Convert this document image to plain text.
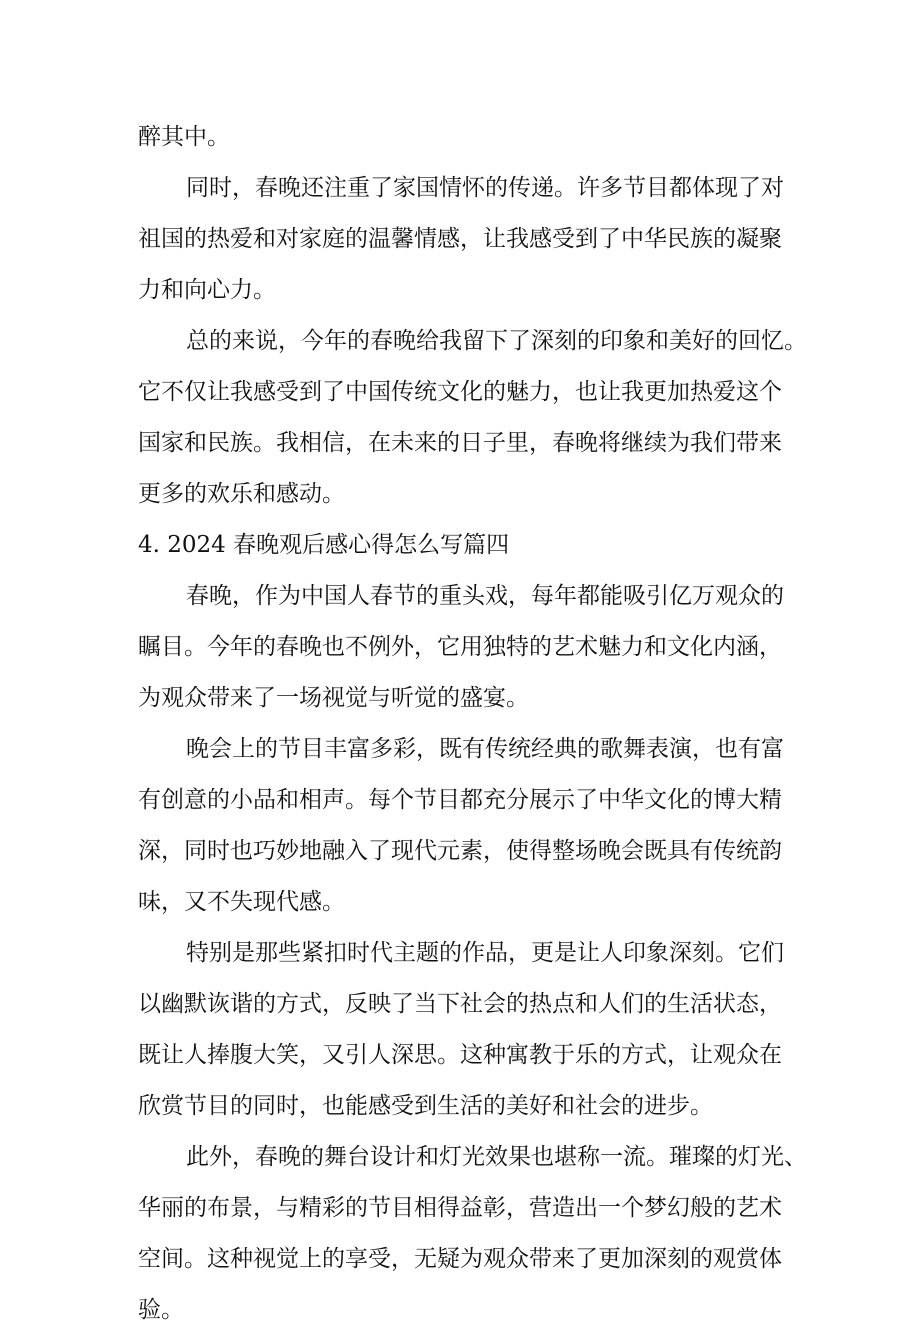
醉其中。
同时，春晚还注重了家国情怀的传递。许多节目都体现了对
祖国的热爱和对家庭的温馨情感，让我感受到了中华民族的凝聚
力和向心力。
总的来说，今年的春晚给我留下了深刻的印象和美好的回忆。
它不仅让我感受到了中国传统文化的魅力，也让我更加热爱这个
国家和民族。我相信，在未来的日子里，春晚将继续为我们带来
更多的欢乐和感动。
4. 2024 春晚观后感心得怎么写篇四
春晚，作为中国人春节的重头戏，每年都能吸引亿万观众的
瞩目。今年的春晚也不例外，它用独特的艺术魅力和文化内涵，
为观众带来了一场视觉与听觉的盛宴。
晚会上的节目丰富多彩，既有传统经典的歌舞表演，也有富
有创意的小品和相声。每个节目都充分展示了中华文化的博大精
深，同时也巧妙地融入了现代元素，使得整场晚会既具有传统韵
味，又不失现代感。
特别是那些紧扣时代主题的作品，更是让人印象深刻。它们
以幽默诙谐的方式，反映了当下社会的热点和人们的生活状态，
既让人捧腹大笑，又引人深思。这种寓教于乐的方式，让观众在
欣赏节目的同时，也能感受到生活的美好和社会的进步。
此外，春晚的舞台设计和灯光效果也堪称一流。璀璨的灯光、
华丽的布景，与精彩的节目相得益彰，营造出一个梦幻般的艺术
空间。这种视觉上的享受，无疑为观众带来了更加深刻的观赏体
验。
